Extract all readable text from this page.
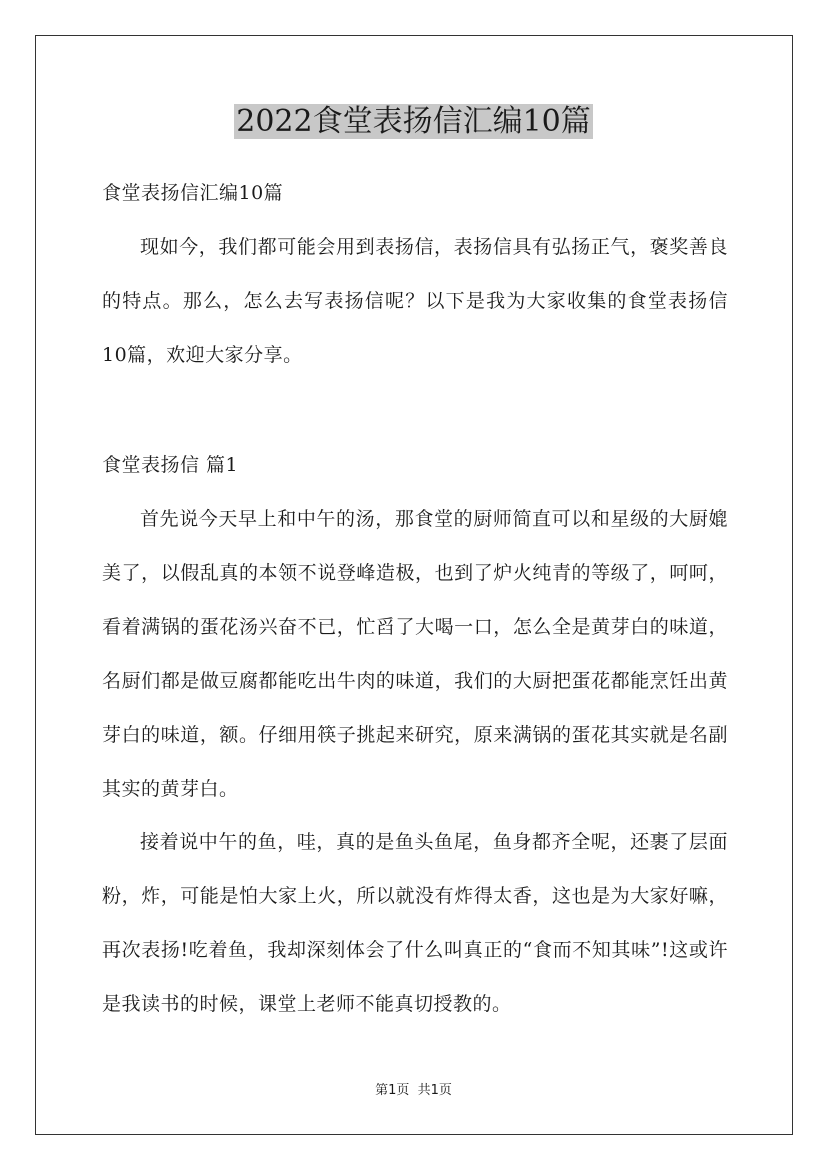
2022食堂表扬信汇编10篇

食堂表扬信汇编10篇

现如今，我们都可能会用到表扬信，表扬信具有弘扬正气，褒奖善良的特点。那么，怎么去写表扬信呢？以下是我为大家收集的食堂表扬信10篇，欢迎大家分享。

食堂表扬信 篇1

首先说今天早上和中午的汤，那食堂的厨师简直可以和星级的大厨媲美了，以假乱真的本领不说登峰造极，也到了炉火纯青的等级了，呵呵，看着满锅的蛋花汤兴奋不已，忙舀了大喝一口，怎么全是黄芽白的味道，名厨们都是做豆腐都能吃出牛肉的味道，我们的大厨把蛋花都能烹饪出黄芽白的味道，额。仔细用筷子挑起来研究，原来满锅的蛋花其实就是名副其实的黄芽白。

接着说中午的鱼，哇，真的是鱼头鱼尾，鱼身都齐全呢，还裹了层面粉，炸，可能是怕大家上火，所以就没有炸得太香，这也是为大家好嘛，再次表扬!吃着鱼，我却深刻体会了什么叫真正的“食而不知其味”!这或许是我读书的时候，课堂上老师不能真切授教的。

第1页  共1页
